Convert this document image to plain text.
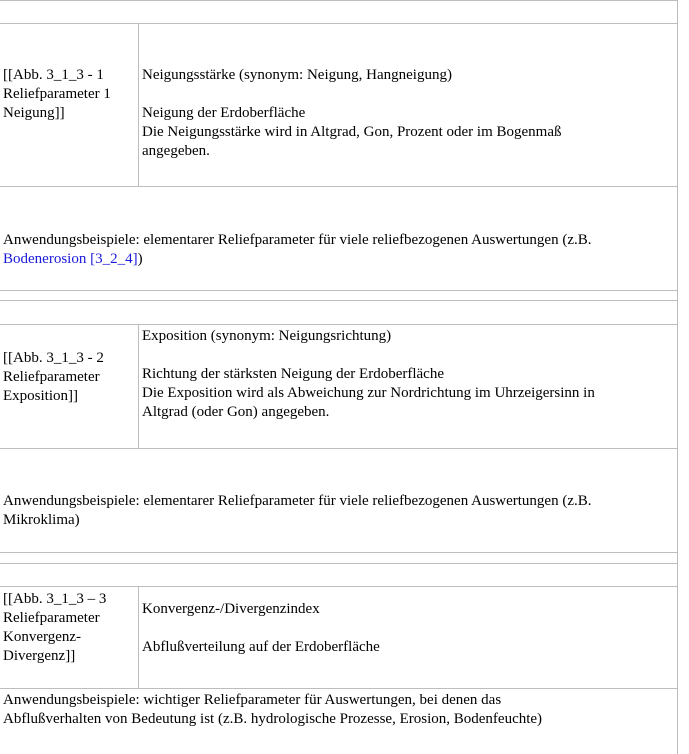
[[Abb. 3_1_3 - 1
Reliefparameter 1
Neigung]]
Neigungsstärke (synonym: Neigung, Hangneigung)
Neigung der Erdoberfläche
Die Neigungsstärke wird in Altgrad, Gon, Prozent oder im Bogenmaß
angegeben.
Anwendungsbeispiele: elementarer Reliefparameter für viele reliefbezogenen Auswertungen (z.B.
Bodenerosion [3_2_4])
[[Abb. 3_1_3 - 2
Reliefparameter
Exposition]]
Exposition (synonym: Neigungsrichtung)
Richtung der stärksten Neigung der Erdoberfläche
Die Exposition wird als Abweichung zur Nordrichtung im Uhrzeigersinn in
Altgrad (oder Gon) angegeben.
Anwendungsbeispiele: elementarer Reliefparameter für viele reliefbezogenen Auswertungen (z.B.
Mikroklima)
[[Abb. 3_1_3 – 3
Reliefparameter
Konvergenz-
Divergenz]]
Konvergenz-/Divergenzindex
Abflußverteilung auf der Erdoberfläche
Anwendungsbeispiele: wichtiger Reliefparameter für Auswertungen, bei denen das
Abflußverhalten von Bedeutung ist (z.B. hydrologische Prozesse, Erosion, Bodenfeuchte)
